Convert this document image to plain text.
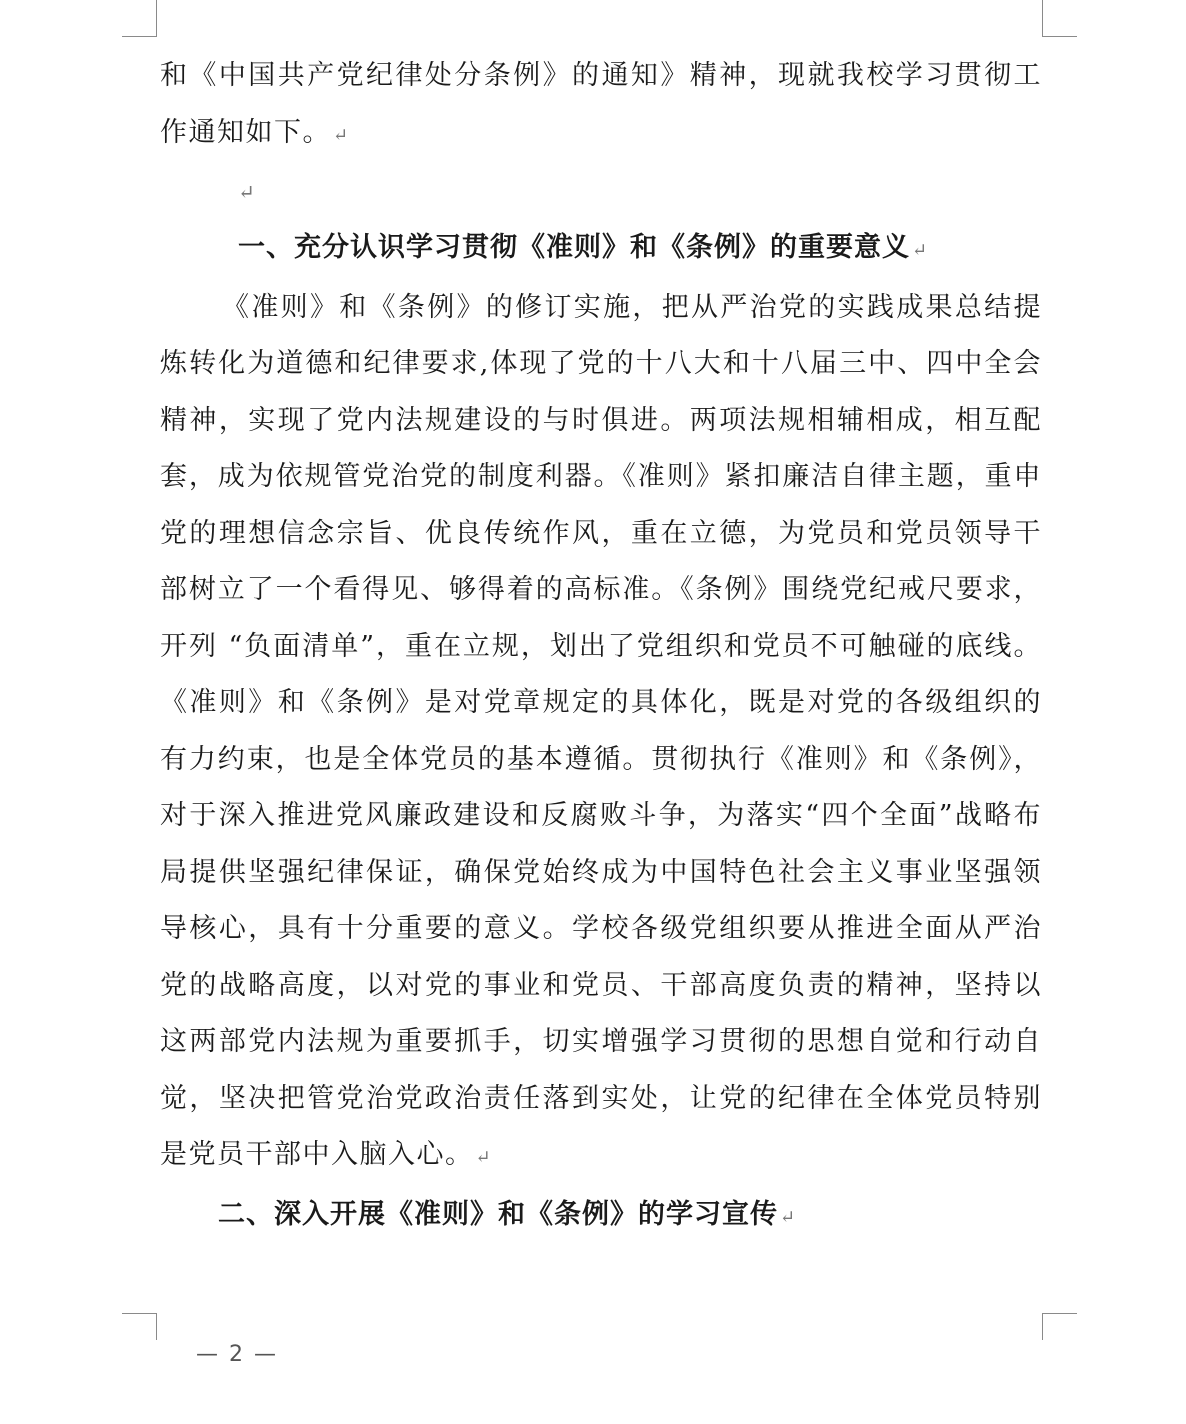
和《中国共产党纪律处分条例》的通知》精神，现就我校学习贯彻工作通知如下。 ↵

↵
一、充分认识学习贯彻《准则》和《条例》的重要意义 ↵

《准则》和《条例》的修订实施，把从严治党的实践成果总结提炼转化为道德和纪律要求,体现了党的十八大和十八届三中、四中全会精神，实现了党内法规建设的与时俱进。两项法规相辅相成，相互配套，成为依规管党治党的制度利器。《准则》紧扣廉洁自律主题，重申党的理想信念宗旨、优良传统作风，重在立德，为党员和党员领导干部树立了一个看得见、够得着的高标准。《条例》围绕党纪戒尺要求，开列 “负面清单”，重在立规，划出了党组织和党员不可触碰的底线。《准则》和《条例》是对党章规定的具体化，既是对党的各级组织的有力约束，也是全体党员的基本遵循。贯彻执行《准则》和《条例》，对于深入推进党风廉政建设和反腐败斗争，为落实“四个全面”战略布局提供坚强纪律保证，确保党始终成为中国特色社会主义事业坚强领导核心，具有十分重要的意义。学校各级党组织要从推进全面从严治党的战略高度，以对党的事业和党员、干部高度负责的精神，坚持以这两部党内法规为重要抓手，切实增强学习贯彻的思想自觉和行动自觉，坚决把管党治党政治责任落到实处，让党的纪律在全体党员特别是党员干部中入脑入心。 ↵

二、深入开展《准则》和《条例》的学习宣传 ↵
— 2 —
